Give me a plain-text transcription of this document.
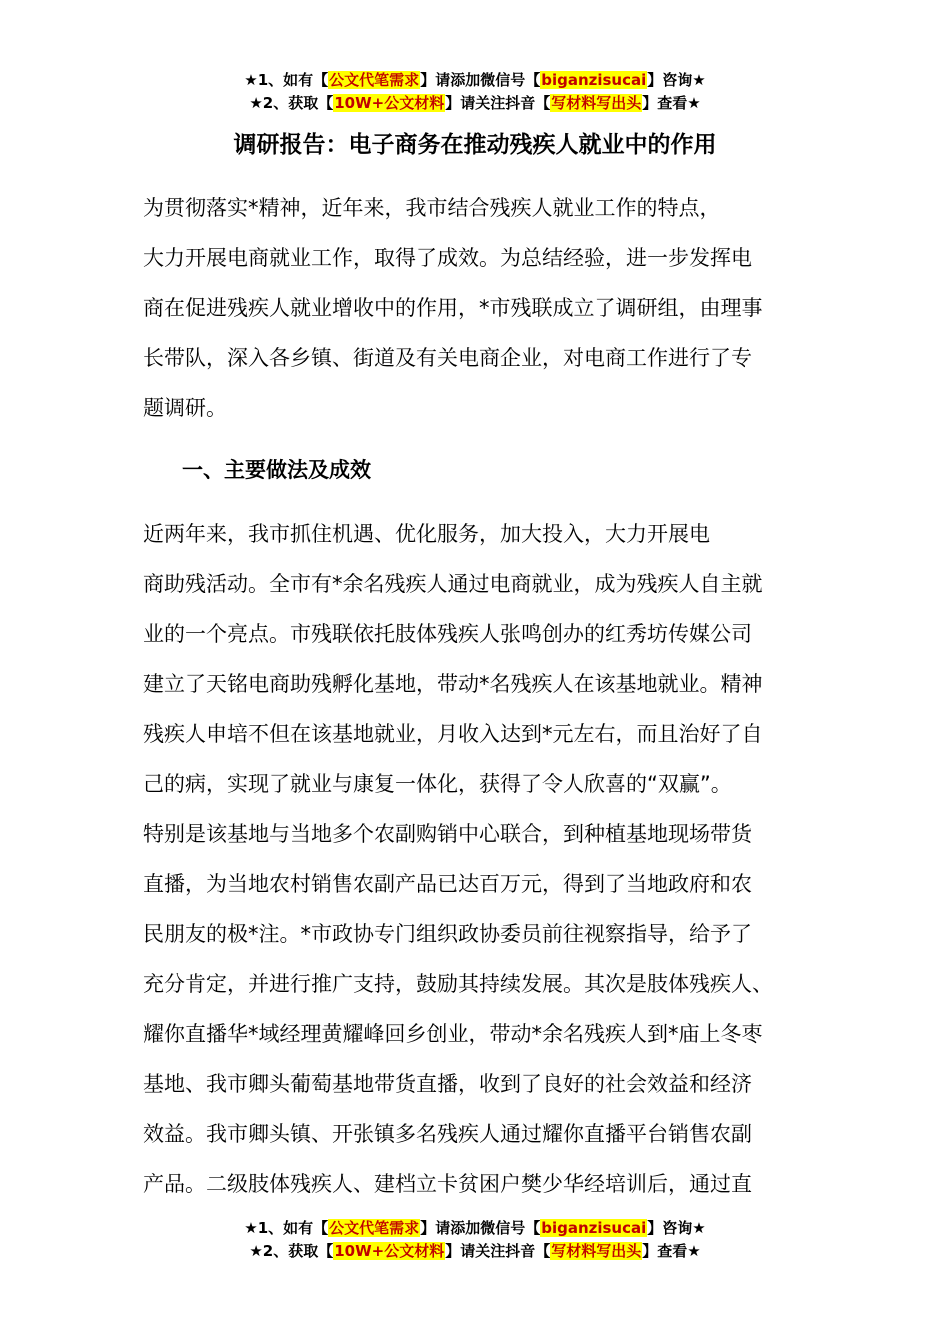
★1、如有【公文代笔需求】请添加微信号【biganzisucai】咨询★
★2、获取【10W+公文材料】请关注抖音【写材料写出头】查看★
调研报告：电子商务在推动残疾人就业中的作用
为贯彻落实*精神，近年来，我市结合残疾人就业工作的特点，
大力开展电商就业工作，取得了成效。为总结经验，进一步发挥电
商在促进残疾人就业增收中的作用，*市残联成立了调研组，由理事
长带队，深入各乡镇、街道及有关电商企业，对电商工作进行了专
题调研。
一、主要做法及成效
近两年来，我市抓住机遇、优化服务，加大投入，大力开展电
商助残活动。全市有*余名残疾人通过电商就业，成为残疾人自主就
业的一个亮点。市残联依托肢体残疾人张鸣创办的红秀坊传媒公司
建立了天铭电商助残孵化基地，带动*名残疾人在该基地就业。精神
残疾人申培不但在该基地就业，月收入达到*元左右，而且治好了自
己的病，实现了就业与康复一体化，获得了令人欣喜的“双赢”。
特别是该基地与当地多个农副购销中心联合，到种植基地现场带货
直播，为当地农村销售农副产品已达百万元，得到了当地政府和农
民朋友的极*注。*市政协专门组织政协委员前往视察指导，给予了
充分肯定，并进行推广支持，鼓励其持续发展。其次是肢体残疾人、
耀你直播华*域经理黄耀峰回乡创业，带动*余名残疾人到*庙上冬枣
基地、我市卿头葡萄基地带货直播，收到了良好的社会效益和经济
效益。我市卿头镇、开张镇多名残疾人通过耀你直播平台销售农副
产品。二级肢体残疾人、建档立卡贫困户樊少华经培训后，通过直
★1、如有【公文代笔需求】请添加微信号【biganzisucai】咨询★
★2、获取【10W+公文材料】请关注抖音【写材料写出头】查看★
